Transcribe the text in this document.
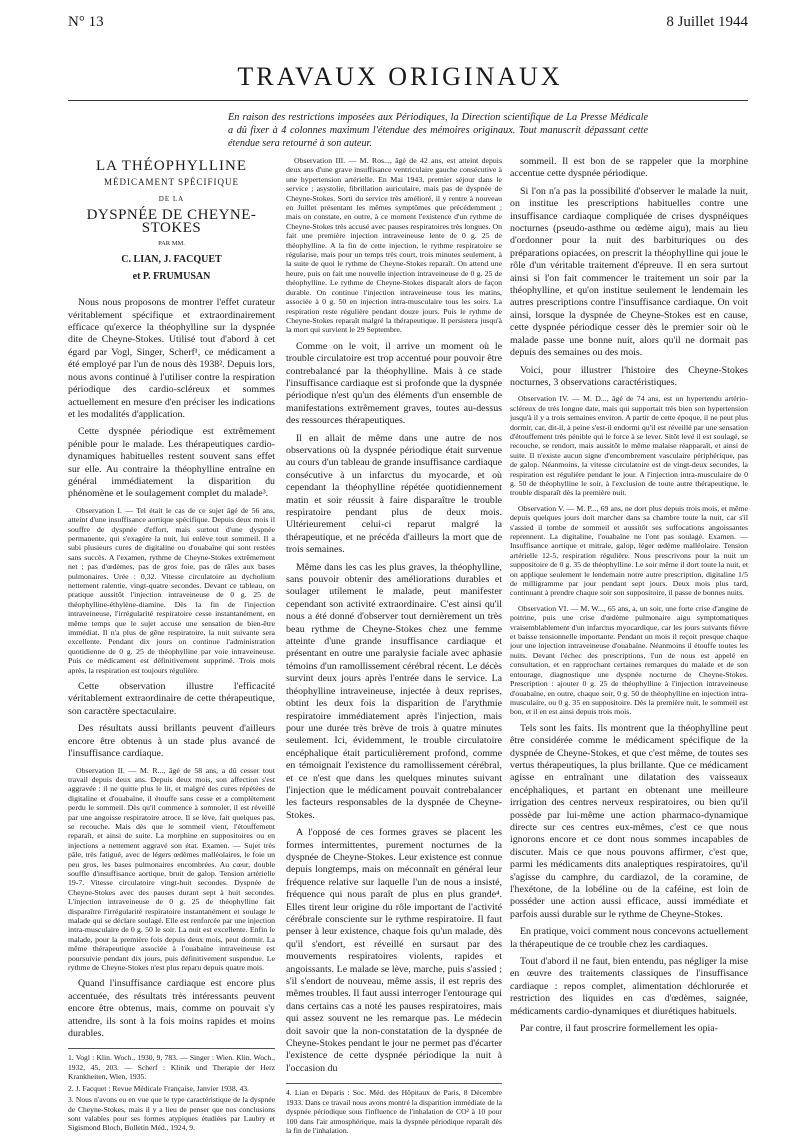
N° 13	8 Juillet 1944
TRAVAUX ORIGINAUX
En raison des restrictions imposées aux Périodiques, la Direction scientifique de La Presse Médicale a dû fixer à 4 colonnes maximum l'étendue des mémoires originaux. Tout manuscrit dépassant cette étendue sera retourné à son auteur.
LA THÉOPHYLLINE
MÉDICAMENT SPÉCIFIQUE
DE LA
DYSPNÉE DE CHEYNE-STOKES
PAR MM.
C. LIAN, J. FACQUET
et P. FRUMUSAN

Nous nous proposons de montrer l'effet curateur véritablement spécifique et extraordinairement efficace qu'exerce la théophylline sur la dyspnée dite de Cheyne-Stokes. Utilisé tout d'abord à cet égard par Vogl, Singer, Scherf¹, ce médicament a été employé par l'un de nous dès 1938². Depuis lors, nous avons continué à l'utiliser contre la respiration périodique des cardio-scléreux et sommes actuellement en mesure d'en préciser les indications et les modalités d'application.

Cette dyspnée périodique est extrêmement pénible pour le malade. Les thérapeutiques cardio-dynamiques habituelles restent souvent sans effet sur elle. Au contraire la théophylline entraîne en général immédiatement la disparition du phénomène et le soulagement complet du malade³.

Observation I. — Tel était le cas de ce sujet âgé de 56 ans, atteint d'une insuffisance aortique spécifique. Depuis deux mois il souffre de dyspnée d'effort, mais surtout d'une dyspnée permanente, qui s'exagère la nuit, lui enlève tout sommeil. Il a subi plusieurs cures de digitaline ou d'ouabaïne qui sont restées sans succès. A l'examen, rythme de Cheyne-Stokes extrêmement net ; pas d'œdèmes, pas de gros foie, pas de râles aux bases pulmonaires. Urée : 0,32. Vitesse circulatoire au dycholium nettement ralentie, vingt-quatre secondes. Devant ce tableau, on pratique aussitôt l'injection intraveineuse de 0 g. 25 de théophylline-éthylène-diamine. Dès la fin de l'injection intraveineuse, l'irrégularité respiratoire cesse instantanément, en même temps que le sujet accuse une sensation de bien-être immédiat. Il n'a plus de gêne respiratoire, la nuit suivante sera excellente. Pendant dix jours on continue l'administration quotidienne de 0 g. 25 de théophylline par voie intraveineuse. Puis ce médicament est définitivement supprimé. Trois mois après, la respiration est toujours régulière.

Cette observation illustre l'efficacité véritablement extraordinaire de cette thérapeutique, son caractère spectaculaire.

Des résultats aussi brillants peuvent d'ailleurs encore être obtenus à un stade plus avancé de l'insuffisance cardiaque.

Observation II. — M. R..., âgé de 58 ans, a dû cesser tout travail depuis deux ans. Depuis deux mois, son affection s'est aggravée : il ne quitte plus le lit, et malgré des cures répétées de digitaline et d'ouabaïne, il étouffe sans cesse et a complètement perdu le sommeil. Dès qu'il commence à somnoler, il est réveillé par une angoisse respiratoire atroce. Il se lève, fait quelques pas, se recouche. Mais dès que le sommeil vient, l'étouffement reparaît, et ainsi de suite. La morphine en suppositoires ou en injections a nettement aggravé son état. Examen. — Sujet très pâle, très fatigué, avec de légers œdèmes malléolaires, le foie un peu gros, les bases pulmonaires encombrées. Au cœur, double souffle d'insuffisance aortique, bruit de galop. Tension artérielle 19-7. Vitesse circulatoire vingt-huit secondes. Dyspnée de Cheyne-Stokes avec des pauses durant sept à huit secondes. L'injection intraveineuse de 0 g. 25 de théophylline fait disparaître l'irrégularité respiratoire instantanément et soulage le malade qui se déclare soulagé. Elle est renforcée par une injection intra-musculaire de 0 g. 50 le soir. La nuit est excellente. Enfin le malade, pour la première fois depuis deux mois, peut dormir. La même thérapeutique associée à l'ouabaïne intraveineuse est poursuivie pendant dix jours, puis définitivement suspendue. Le rythme de Cheyne-Stokes n'est plus reparu depuis quatre mois.

Quand l'insuffisance cardiaque est encore plus accentuée, des résultats très intéressants peuvent encore être obtenus, mais, comme on pouvait s'y attendre, ils sont à la fois moins rapides et moins durables.

1. Vogl : Klin. Woch., 1930, 9, 783. — Singer : Wien. Klin. Woch., 1932, 45, 203. — Scherf : Klinik und Therapie der Herz Krankheiten, Wien, 1935.

2. J. Facquet : Revue Médicale Française, Janvier 1938, 43.

3. Nous n'avons eu en vue que le type caractéristique de la dyspnée de Cheyne-Stokes, mais il y a lieu de penser que nos conclusions sont valables pour ses formes atypiques étudiées par Laubry et Sigismond Bloch, Bulletin Méd., 1924, 9.

Observation III. — M. Ros..., âgé de 42 ans, est atteint depuis deux ans d'une grave insuffisance ventriculaire gauche consécutive à une hypertension artérielle. En Mai 1943, premier séjour dans le service ; asystolie, fibrillation auriculaire, mais pas de dyspnée de Cheyne-Stokes. Sorti du service très amélioré, il y rentre à nouveau en Juillet présentant les mêmes symptômes que précédemment ; mais on constate, en outre, à ce moment l'existence d'un rythme de Cheyne-Stokes très accusé avec pauses respiratoires très longues. On fait une première injection intraveineuse lente de 0 g. 25 de théophylline. A la fin de cette injection, le rythme respiratoire se régularise, mais pour un temps très court, trois minutes seulement, à la suite de quoi le rythme de Cheyne-Stokes reparaît. On attend une heure, puis on fait une nouvelle injection intraveineuse de 0 g. 25 de théophylline. Le rythme de Cheyne-Stokes disparaît alors de façon durable. On continue l'injection intraveineuse tous les matins, associée à 0 g. 50 en injection intra-musculaire tous les soirs. La respiration reste régulière pendant douze jours. Puis le rythme de Cheyne-Stokes reparaît malgré la thérapeutique. Il persistera jusqu'à la mort qui survient le 29 Septembre.

Comme on le voit, il arrive un moment où le trouble circulatoire est trop accentué pour pouvoir être contrebalancé par la théophylline. Mais à ce stade l'insuffisance cardiaque est si profonde que la dyspnée périodique n'est qu'un des éléments d'un ensemble de manifestations extrêmement graves, toutes au-dessus des ressources thérapeutiques.

Il en allait de même dans une autre de nos observations où la dyspnée périodique était survenue au cours d'un tableau de grande insuffisance cardiaque consécutive à un infarctus du myocarde, et où cependant la théophylline répétée quotidiennement matin et soir réussit à faire disparaître le trouble respiratoire pendant plus de deux mois. Ultérieurement celui-ci reparut malgré la thérapeutique, et ne précéda d'ailleurs la mort que de trois semaines.

Même dans les cas les plus graves, la théophylline, sans pouvoir obtenir des améliorations durables et soulager utilement le malade, peut manifester cependant son activité extraordinaire. C'est ainsi qu'il nous a été donné d'observer tout dernièrement un très beau rythme de Cheyne-Stokes chez une femme atteinte d'une grande insuffisance cardiaque et présentant en outre une paralysie faciale avec aphasie témoins d'un ramollissement cérébral récent. Le décès survint deux jours après l'entrée dans le service. La théophylline intraveineuse, injectée à deux reprises, obtint les deux fois la disparition de l'arythmie respiratoire immédiatement après l'injection, mais pour une durée très brève de trois à quatre minutes seulement. Ici, évidemment, le trouble circulatoire encéphalique était particulièrement profond, comme en témoignait l'existence du ramollissement cérébral, et ce n'est que dans les quelques minutes suivant l'injection que le médicament pouvait contrebalancer les facteurs responsables de la dyspnée de Cheyne-Stokes.

A l'opposé de ces formes graves se placent les formes intermittentes, purement nocturnes de la dyspnée de Cheyne-Stokes. Leur existence est connue depuis longtemps, mais on méconnaît en général leur fréquence relative sur laquelle l'un de nous a insisté, fréquence qui nous paraît de plus en plus grande⁴. Elles tirent leur origine du rôle important de l'activité cérébrale consciente sur le rythme respiratoire. Il faut penser à leur existence, chaque fois qu'un malade, dès qu'il s'endort, est réveillé en sursaut par des mouvements respiratoires violents, rapides et angoissants. Le malade se lève, marche, puis s'assied ; s'il s'endort de nouveau, même assis, il est repris des mêmes troubles. Il faut aussi interroger l'entourage qui dans certains cas a noté les pauses respiratoires, mais qui assez souvent ne les remarque pas. Le médecin doit savoir que la non-constatation de la dyspnée de Cheyne-Stokes pendant le jour ne permet pas d'écarter l'existence de cette dyspnée périodique la nuit à l'occasion du

4. Lian et Deparis : Soc. Méd. des Hôpitaux de Paris, 8 Décembre 1933. Dans ce travail nous avons montré la disparition immédiate de la dyspnée périodique sous l'influence de l'inhalation de CO² à 10 pour 100 dans l'air atmosphérique, mais la dyspnée périodique reparaît dès la fin de l'inhalation.

sommeil. Il est bon de se rappeler que la morphine accentue cette dyspnée périodique.

Si l'on n'a pas la possibilité d'observer le malade la nuit, on institue les prescriptions habituelles contre une insuffisance cardiaque compliquée de crises dyspnéiques nocturnes (pseudo-asthme ou œdème aigu), mais au lieu d'ordonner pour la nuit des barbituriques ou des préparations opiacées, on prescrit la théophylline qui joue le rôle d'un véritable traitement d'épreuve. Il en sera surtout ainsi si l'on fait commencer le traitement un soir par la théophylline, et qu'on institue seulement le lendemain les autres prescriptions contre l'insuffisance cardiaque. On voit ainsi, lorsque la dyspnée de Cheyne-Stokes est en cause, cette dyspnée périodique cesser dès le premier soir où le malade passe une bonne nuit, alors qu'il ne dormait pas depuis des semaines ou des mois.

Voici, pour illustrer l'histoire des Cheyne-Stokes nocturnes, 3 observations caractéristiques.

Observation IV. — M. D..., âgé de 74 ans, est un hypertendu artério-scléreux de très longue date, mais qui supportait très bien son hypertension jusqu'à il y a trois semaines environ. A partir de cette époque, il ne peut plus dormir, car, dit-il, à peine s'est-il endormi qu'il est réveillé par une sensation d'étouffement très pénible qui le force à se lever. Sitôt levé il est soulagé, se recouche, se rendort, mais aussitôt le même malaise réapparaît, et ainsi de suite. Il n'existe aucun signe d'encombrement vasculaire périphérique, pas de galop. Néanmoins, la vitesse circulatoire est de vingt-deux secondes, la respiration est régulière pendant le jour. A l'injection intra-musculaire de 0 g. 50 de théophylline le soir, à l'exclusion de toute autre thérapeutique, le trouble disparaît dès la première nuit.

Observation V. — M. P..., 69 ans, ne dort plus depuis trois mois, et même depuis quelques jours doit marcher dans sa chambre toute la nuit, car s'il s'assied il tombe de sommeil et aussitôt ses suffocations angoissantes reprennent. La digitaline, l'ouabaïne ne l'ont pas soulagé. Examen. — Insuffisance aortique et mitrale, galop, léger œdème malléolaire. Tension artérielle 12-5, respiration régulière. Nous prescrivons pour la nuit un suppositoire de 0 g. 35 de théophylline. Le soir même il dort toute la nuit, et on applique seulement le lendemain notre autre prescription, digitaline 1/5 de milligramme par jour pendant sept jours. Deux mois plus tard, continuant à prendre chaque soir son suppositoire, il passe de bonnes nuits.

Observation VI. — M. W..., 65 ans, a, un soir, une forte crise d'angine de poitrine, puis une crise d'œdème pulmonaire aigu symptomatiques vraisemblablement d'un infarctus myocardique, car les jours suivants fièvre et baisse tensionnelle importante. Pendant un mois il reçoit presque chaque jour une injection intraveineuse d'ouabaïne. Néanmoins il étouffe toutes les nuits. Devant l'échec des prescriptions, l'un de nous est appelé en consultation, et en rapprochant certaines remarques du malade et de son entourage, diagnostique une dyspnée nocturne de Cheyne-Stokes. Prescription : ajouter 0 g. 25 de théophylline à l'injection intraveineuse d'ouabaïne, en outre, chaque soir, 0 g. 50 de théophylline en injection intra-musculaire, ou 0 g. 35 en suppositoire. Dès la première nuit, le sommeil est bon, et il en est ainsi depuis trois mois.

Tels sont les faits. Ils montrent que la théophylline peut être considérée comme le médicament spécifique de la dyspnée de Cheyne-Stokes, et que c'est même, de toutes ses vertus thérapeutiques, la plus brillante. Que ce médicament agisse en entraînant une dilatation des vaisseaux encéphaliques, et partant en obtenant une meilleure irrigation des centres nerveux respiratoires, ou bien qu'il possède par lui-même une action pharmaco-dynamique directe sur ces centres eux-mêmes, c'est ce que nous ignorons encore et ce dont nous sommes incapables de discuter. Mais ce que nous pouvons affirmer, c'est que, parmi les médicaments dits analeptiques respiratoires, qu'il s'agisse du camphre, du cardiazol, de la coramine, de l'hexétone, de la lobéline ou de la caféine, est loin de posséder une action aussi efficace, aussi immédiate et parfois aussi durable sur le rythme de Cheyne-Stokes.

En pratique, voici comment nous concevons actuellement la thérapeutique de ce trouble chez les cardiaques.

Tout d'abord il ne faut, bien entendu, pas négliger la mise en œuvre des traitements classiques de l'insuffisance cardiaque : repos complet, alimentation déchlorurée et restriction des liquides en cas d'œdèmes, saignée, médicaments cardio-dynamiques et diurétiques habituels.

Par contre, il faut proscrire formellement les opia-
